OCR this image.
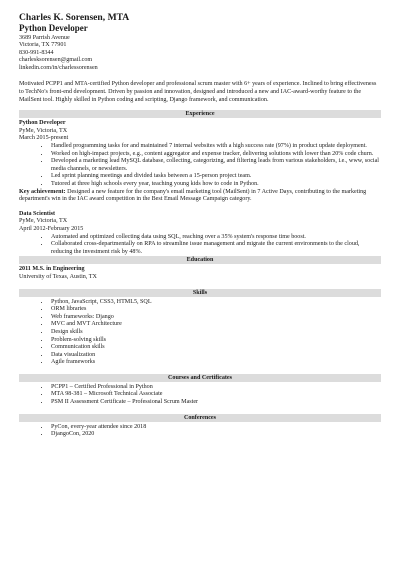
Charles K. Sorensen, MTA
Python Developer
3689 Parrish Avenue
Victoria, TX 77901
830-991-8344
charlesksorensen@gmail.com
linkedin.com/in/charlessorensen
Motivated PCPP1 and MTA-certified Python developer and professional scrum master with 6+ years of experience. Inclined to bring effectiveness to TechNo's front-end development. Driven by passion and innovation, designed and introduced a new and IAC-award-worthy feature to the MailSent tool. Highly skilled in Python coding and scripting, Django framework, and communication.
Experience
Python Developer
PyMe, Victoria, TX
March 2015-present
• Handled programming tasks for and maintained 7 internal websites with a high success rate (97%) in product update deployment.
• Worked on high-impact projects, e.g., content aggregator and expense tracker, delivering solutions with lower than 20% code churn.
• Developed a marketing lead MySQL database, collecting, categorizing, and filtering leads from various stakeholders, i.e., www, social media channels, or newsletters.
• Led sprint planning meetings and divided tasks between a 15-person project team.
• Tutored at three high schools every year, teaching young kids how to code in Python.
Key achievement: Designed a new feature for the company's email marketing tool (MailSent) in 7 Active Days, contributing to the marketing department's win in the IAC award competition in the Best Email Message Campaign category.
Data Scientist
PyMe, Victoria, TX
April 2012-February 2015
• Automated and optimized collecting data using SQL, reaching over a 35% system's response time boost.
• Collaborated cross-departmentally on RPA to streamline issue management and migrate the current environments to the cloud, reducing the investment risk by 48%.
Education
2011 M.S. in Engineering
University of Texas, Austin, TX
Skills
• Python, JavaScript, CSS3, HTML5, SQL
• ORM libraries
• Web frameworks: Django
• MVC and MVT Architecture
• Design skills
• Problem-solving skills
• Communication skills
• Data visualization
• Agile frameworks
Courses and Certificates
• PCPP1 – Certified Professional in Python
• MTA 98-381 – Microsoft Technical Associate
• PSM II Assessment Certificate – Professional Scrum Master
Conferences
• PyCon, every-year attendee since 2018
• DjangoCon, 2020
